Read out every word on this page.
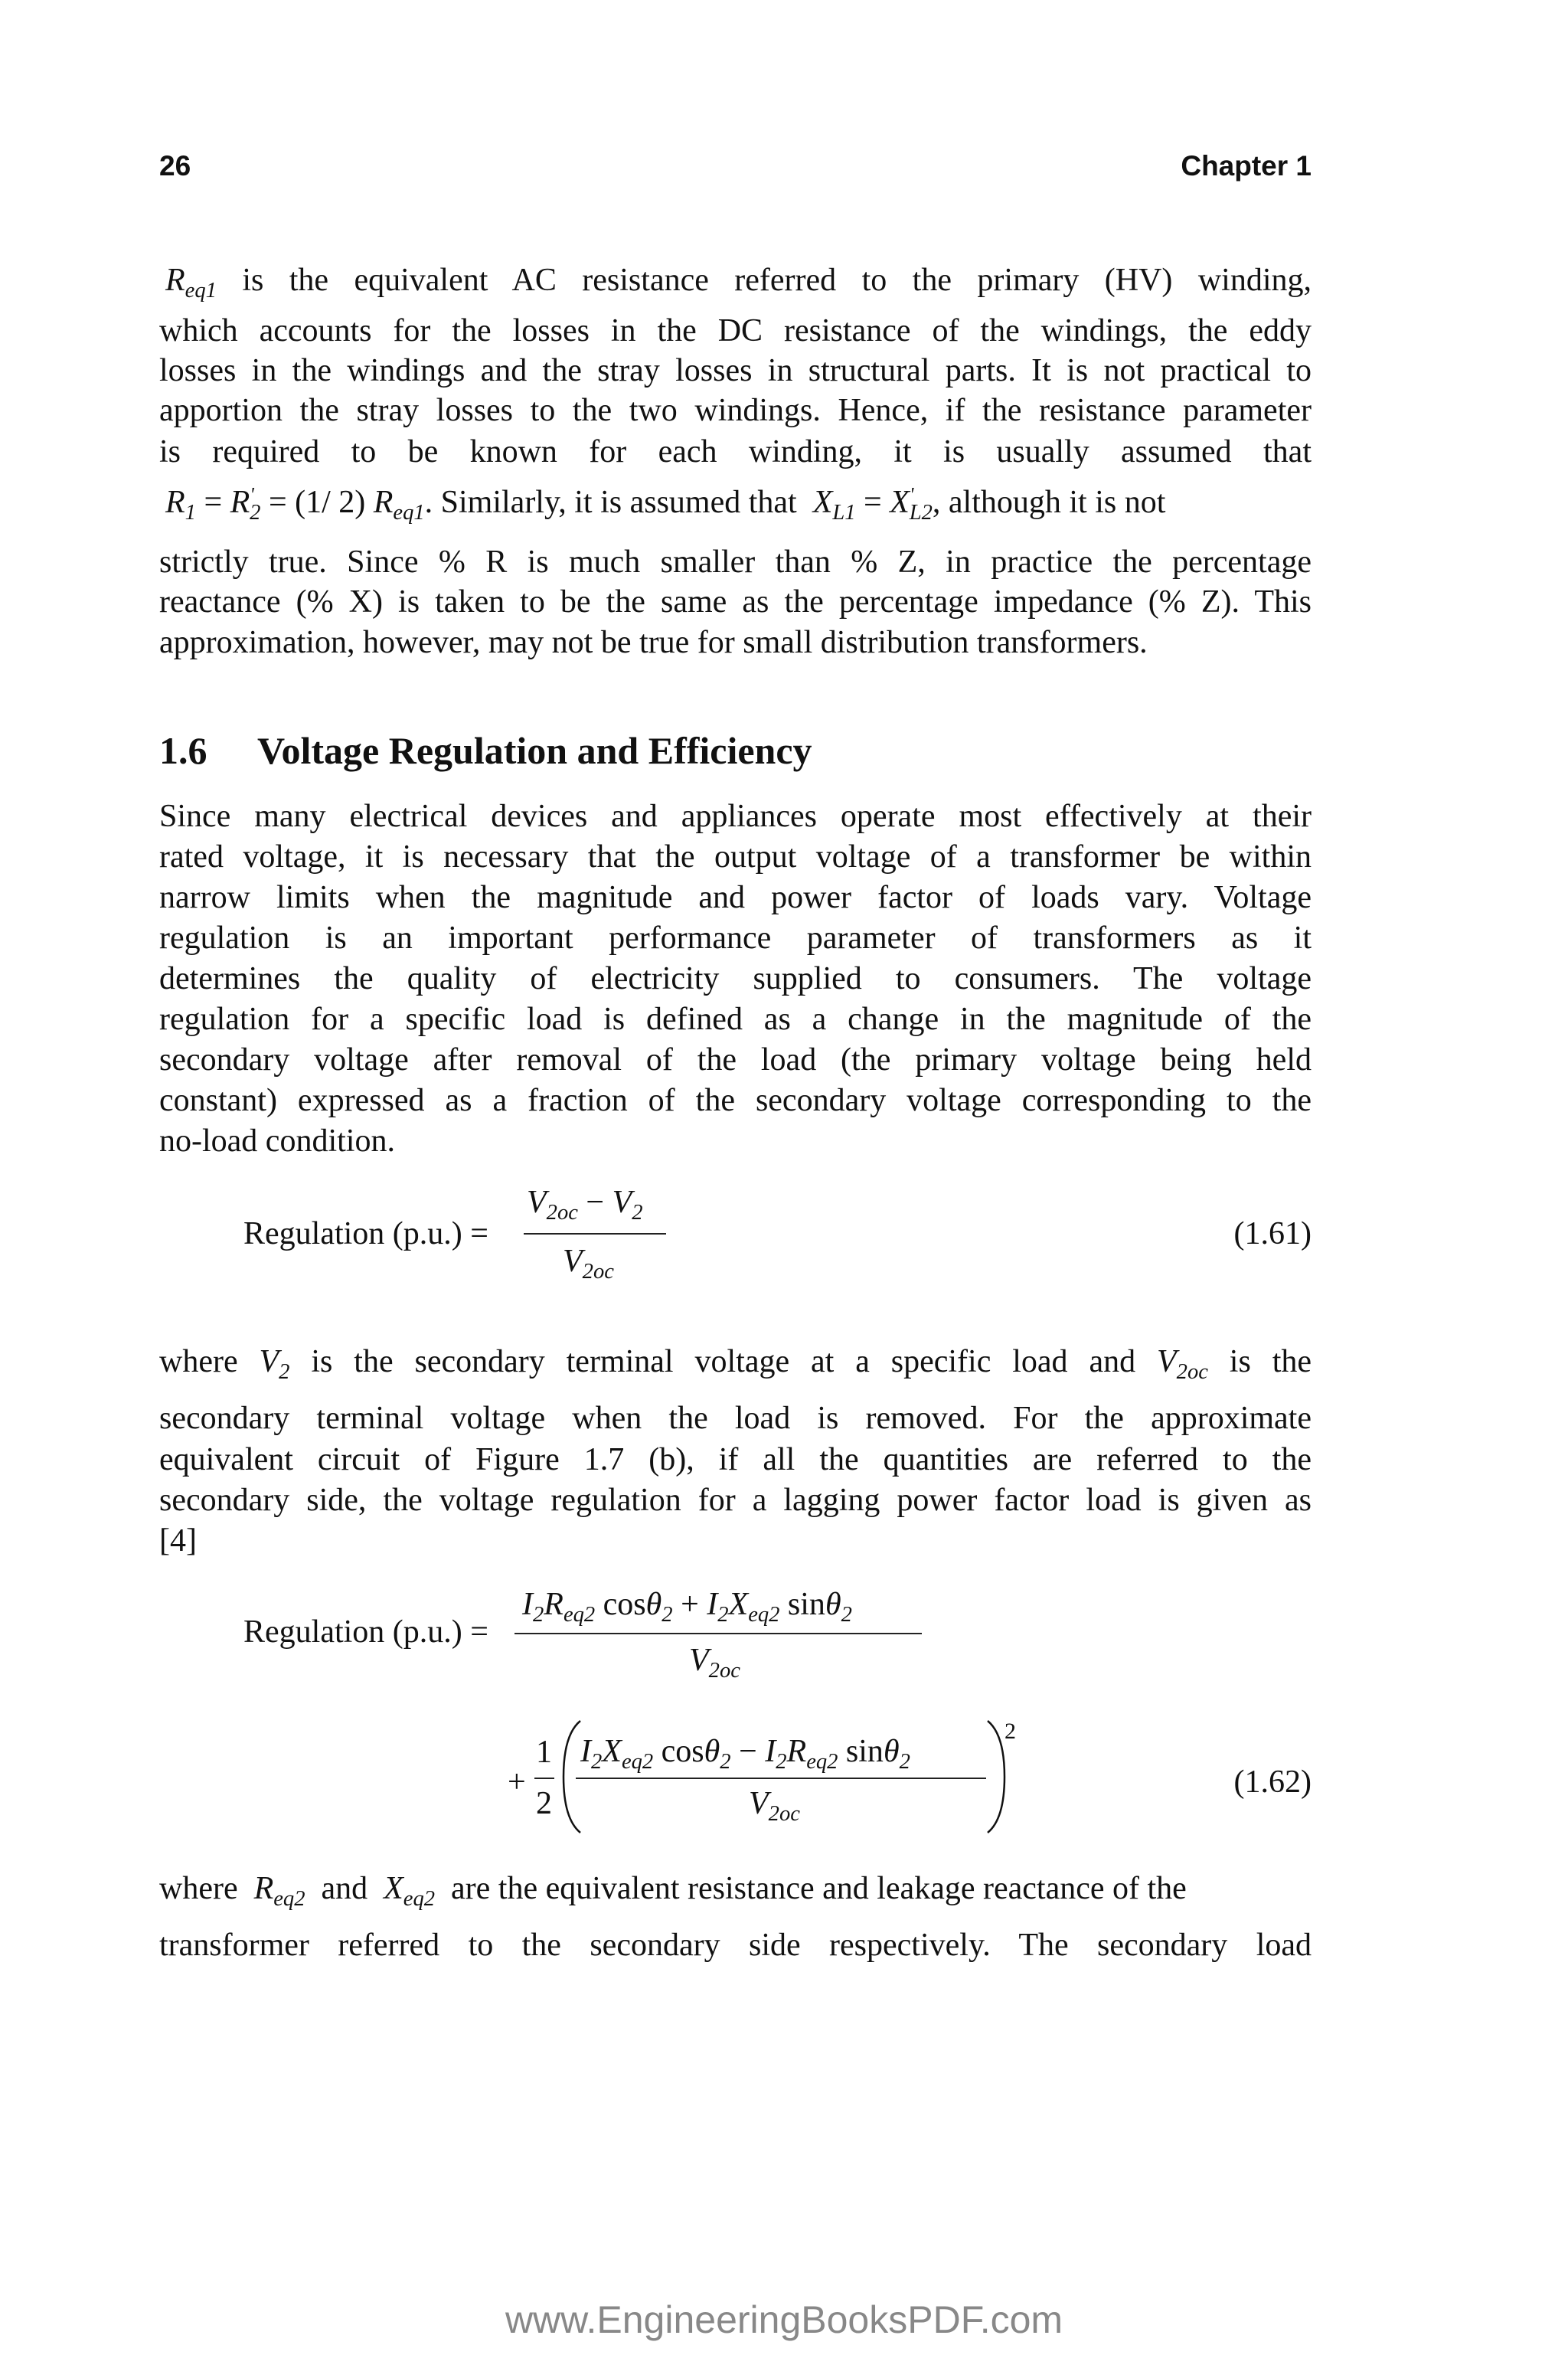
26	Chapter 1
$R_{eq1}$ is the equivalent AC resistance referred to the primary (HV) winding,
which accounts for the losses in the DC resistance of the windings, the eddy
losses in the windings and the stray losses in structural parts. It is not practical to
apportion the stray losses to the two windings. Hence, if the resistance parameter
is required to be known for each winding, it is usually assumed that
$R_1 = R'_2 = (1/$ 2) $R_{eq1}$. Similarly, it is assumed that $X_{L1} = X'_{L2}$, although it is not
strictly true. Since % R is much smaller than % Z, in practice the percentage
reactance (% X) is taken to be the same as the percentage impedance (% Z). This
approximation, however, may not be true for small distribution transformers.
1.6 Voltage Regulation and Efficiency
Since many electrical devices and appliances operate most effectively at their
rated voltage, it is necessary that the output voltage of a transformer be within
narrow limits when the magnitude and power factor of loads vary. Voltage
regulation is an important performance parameter of transformers as it
determines the quality of electricity supplied to consumers. The voltage
regulation for a specific load is defined as a change in the magnitude of the
secondary voltage after removal of the load (the primary voltage being held
constant) expressed as a fraction of the secondary voltage corresponding to the
no-load condition.
Regulation (p.u.) =
$V_{2oc} - V_2$
$V_{2oc}$
(1.61)
where $V_2$ is the secondary terminal voltage at a specific load and $V_{2oc}$ is the
secondary terminal voltage when the load is removed. For the approximate
equivalent circuit of Figure 1.7 (b), if all the quantities are referred to the
secondary side, the voltage regulation for a lagging power factor load is given as
[4]
Regulation (p.u.) =
$I_2R_{eq2}$ $\cos\theta_2 + I_2X_{eq2}$ sinθ$_2$
$V_{2oc}$
+
1
2
$I_2X_{eq2}$ $\cos\theta_2 - I_2R_{eq2}$ sinθ$_2$
$V_{2oc}$
2
(1.62)
where $R_{eq2}$ and $X_{eq2}$ are the equivalent resistance and leakage reactance of the
transformer referred to the secondary side respectively. The secondary load
www.EngineeringBooksPDF.com
